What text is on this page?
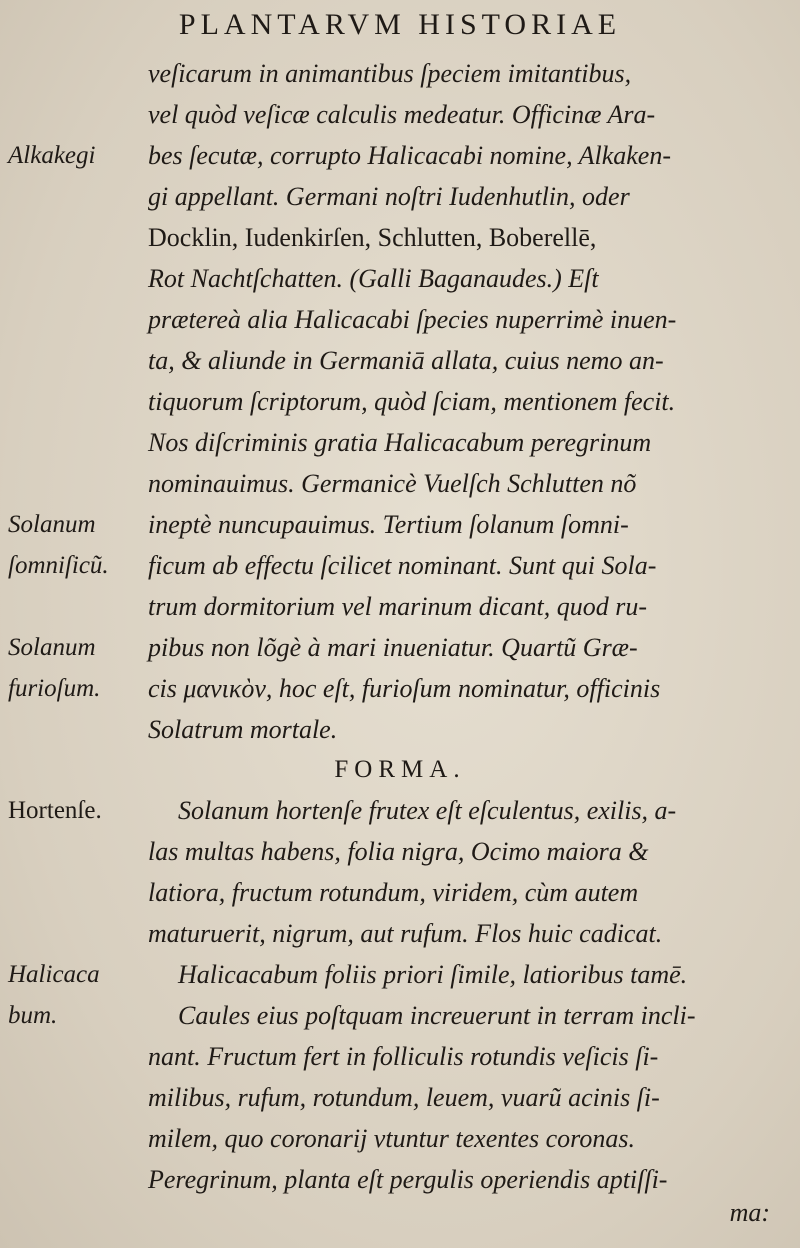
PLANTARVM HISTORIAE
veſicarum in animantibus ſpeciem imitantibus,
vel quòd veſicæ calculis medeatur. Officinæ Ara-
bes ſecutæ, corrupto Halicacabi nomine, Alkaken-
gi appellant. Germani noſtri Iudenhutlin, oder
Docklin, Iudenkirſen, Schlutten, Boberellē,
Rot Nachtſchatten. (Galli Baganaudes.) Eſt
prætereà alia Halicacabi ſpecies nuperrimè inuen-
ta, & aliunde in Germaniā allata, cuius nemo an-
tiquorum ſcriptorum, quòd ſciam, mentionem fecit.
Nos diſcriminis gratia Halicacabum peregrinum
nominauimus. Germanicè Vuelſch Schlutten nõ
ineptè nuncupauimus. Tertium ſolanum ſomni-
ficum ab effectu ſcilicet nominant. Sunt qui Sola-
trum dormitorium vel marinum dicant, quod ru-
pibus non lõgè à mari inueniatur. Quartũ Græ-
cis μανικὸν, hoc eſt, furioſum nominatur, officinis
Solatrum mortale.
FORMA.
Solanum hortenſe frutex eſt eſculentus, exilis, a-
las multas habens, folia nigra, Ocimo maiora &
latiora, fructum rotundum, viridem, cùm autem
maturuerit, nigrum, aut rufum. Flos huic cadicat.
Halicacabum foliis priori ſimile, latioribus tamē.
Caules eius poſtquam increuerunt in terram incli-
nant. Fructum fert in folliculis rotundis veſicis ſi-
milibus, rufum, rotundum, leuem, vuarũ acinis ſi-
milem, quo coronarij vtuntur texentes coronas.
Peregrinum, planta eſt pergulis operiendis aptiſſi-
Alkakegi
Solanum
ſomniſicũ.
Solanum
furioſum.
Hortenſe.
Halicaca
bum.
ma:
